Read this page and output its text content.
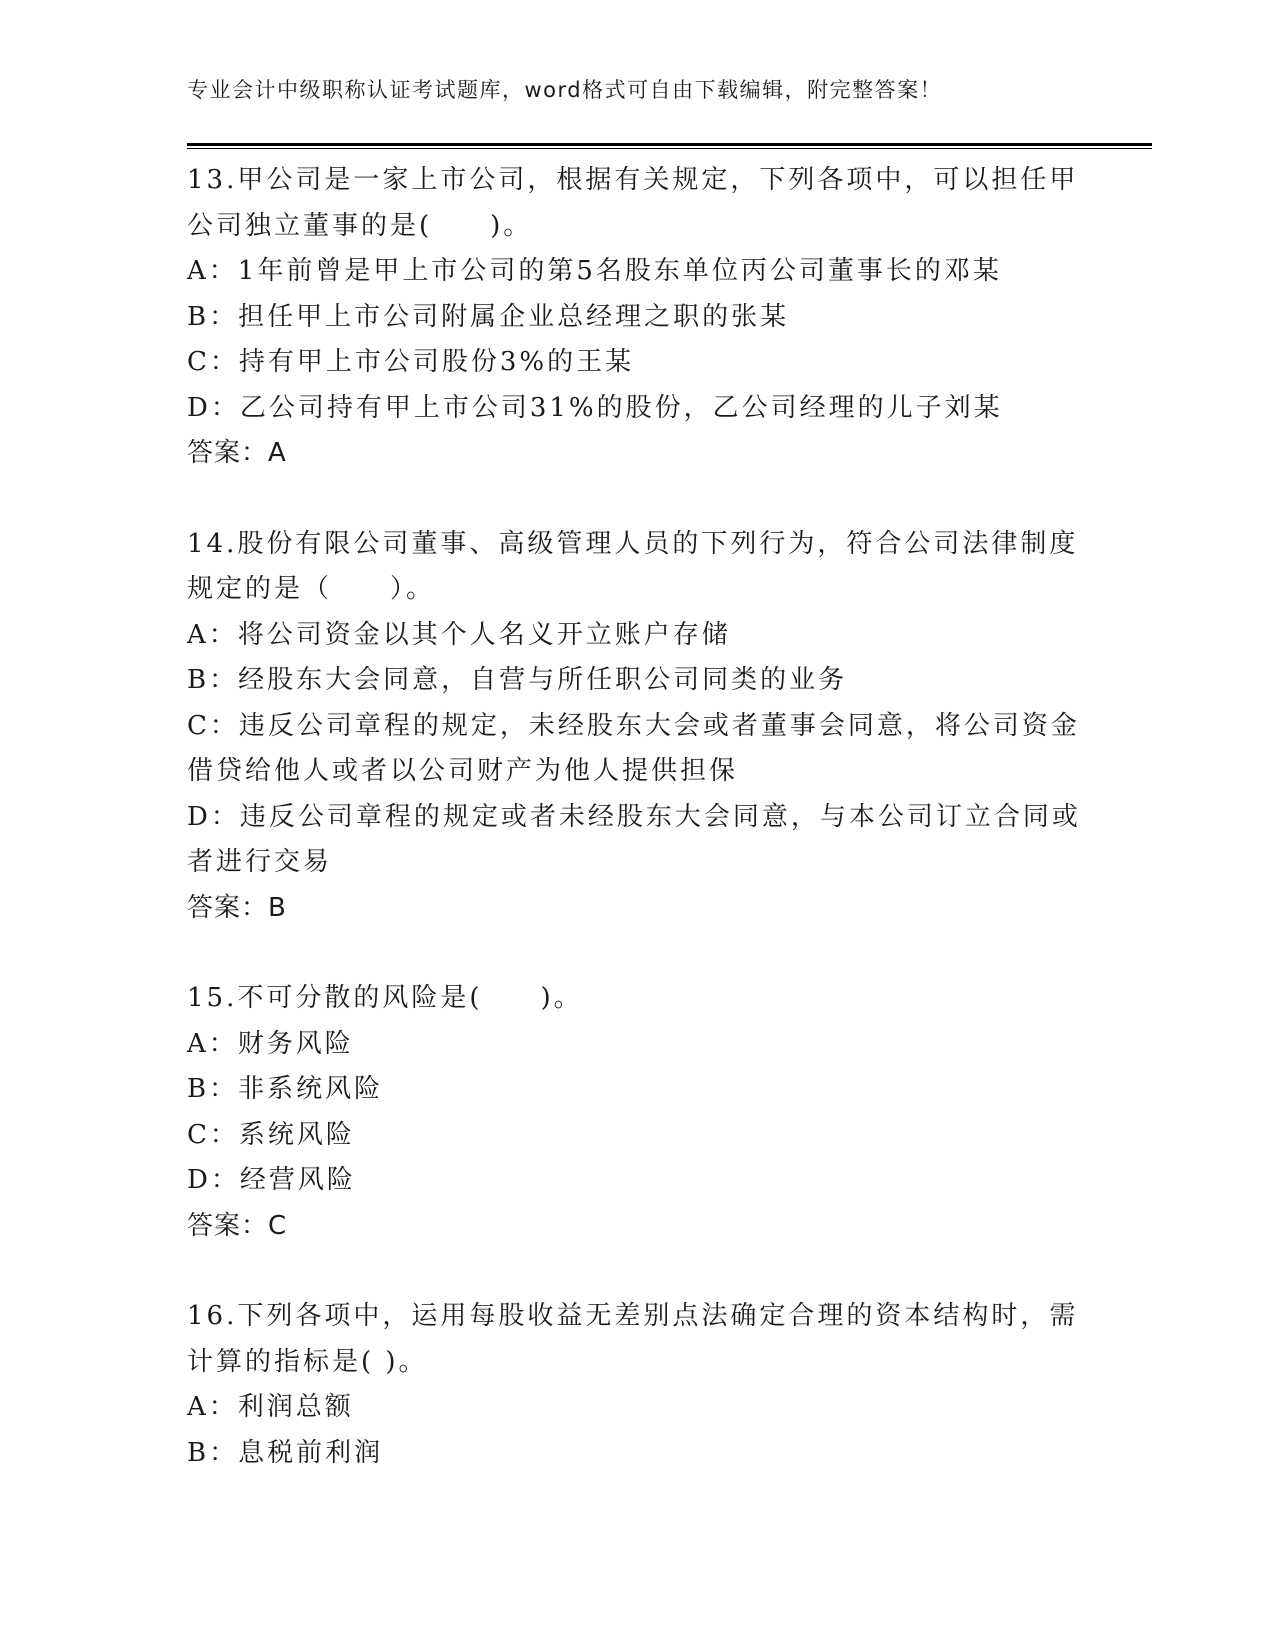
专业会计中级职称认证考试题库，word格式可自由下载编辑，附完整答案！
13.甲公司是一家上市公司，根据有关规定，下列各项中，可以担任甲
公司独立董事的是(　　)。
A：1年前曾是甲上市公司的第5名股东单位丙公司董事长的邓某
B：担任甲上市公司附属企业总经理之职的张某
C：持有甲上市公司股份3%的王某
D：乙公司持有甲上市公司31%的股份，乙公司经理的儿子刘某
答案：A
14.股份有限公司董事、高级管理人员的下列行为，符合公司法律制度
规定的是（　　）。
A：将公司资金以其个人名义开立账户存储
B：经股东大会同意，自营与所任职公司同类的业务
C：违反公司章程的规定，未经股东大会或者董事会同意，将公司资金
借贷给他人或者以公司财产为他人提供担保
D：违反公司章程的规定或者未经股东大会同意，与本公司订立合同或
者进行交易
答案：B
15.不可分散的风险是(　　)。
A：财务风险
B：非系统风险
C：系统风险
D：经营风险
答案：C
16.下列各项中，运用每股收益无差别点法确定合理的资本结构时，需
计算的指标是( )。
A：利润总额
B：息税前利润
